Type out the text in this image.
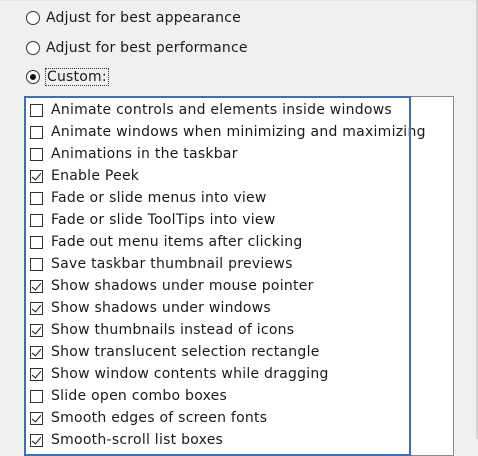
Adjust for best appearance
Adjust for best performance
Custom:
Animate controls and elements inside windows
Animate windows when minimizing and maximizing
Animations in the taskbar
Enable Peek
Fade or slide menus into view
Fade or slide ToolTips into view
Fade out menu items after clicking
Save taskbar thumbnail previews
Show shadows under mouse pointer
Show shadows under windows
Show thumbnails instead of icons
Show translucent selection rectangle
Show window contents while dragging
Slide open combo boxes
Smooth edges of screen fonts
Smooth-scroll list boxes
